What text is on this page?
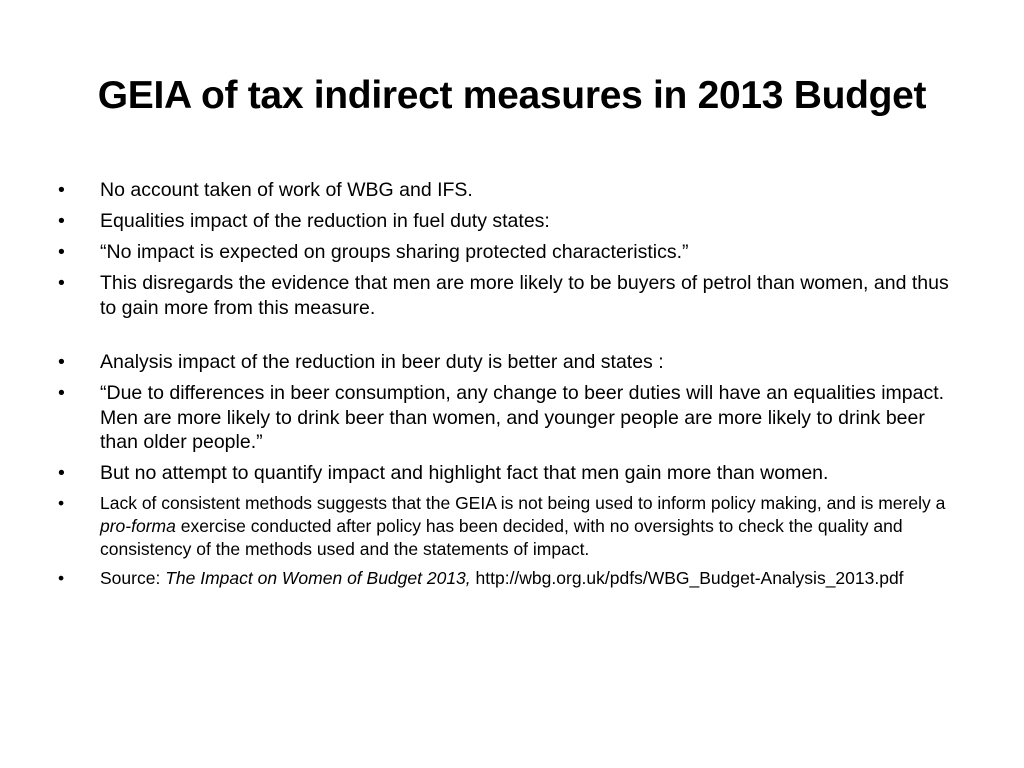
GEIA of tax indirect measures in 2013 Budget
• No account taken of work of WBG and IFS.
• Equalities impact of the reduction in fuel duty states:
• “No impact is expected on groups sharing protected characteristics.”
• This disregards the evidence that men are more likely to be buyers of petrol than women, and thus to gain more from this measure.
• Analysis impact of the reduction in beer duty is better and states :
• “Due to differences in beer consumption, any change to beer duties will have an equalities impact. Men are more likely to drink beer than women, and younger people are more likely to drink beer than older people.”
• But no attempt to quantify impact and highlight fact that men gain more than women.
• Lack of consistent methods suggests that the GEIA is not being used to inform policy making, and is merely a pro-forma exercise conducted after policy has been decided, with no oversights to check the quality and consistency of the methods used and the statements of impact.
• Source: The Impact on Women of Budget 2013, http://wbg.org.uk/pdfs/WBG_Budget-Analysis_2013.pdf
